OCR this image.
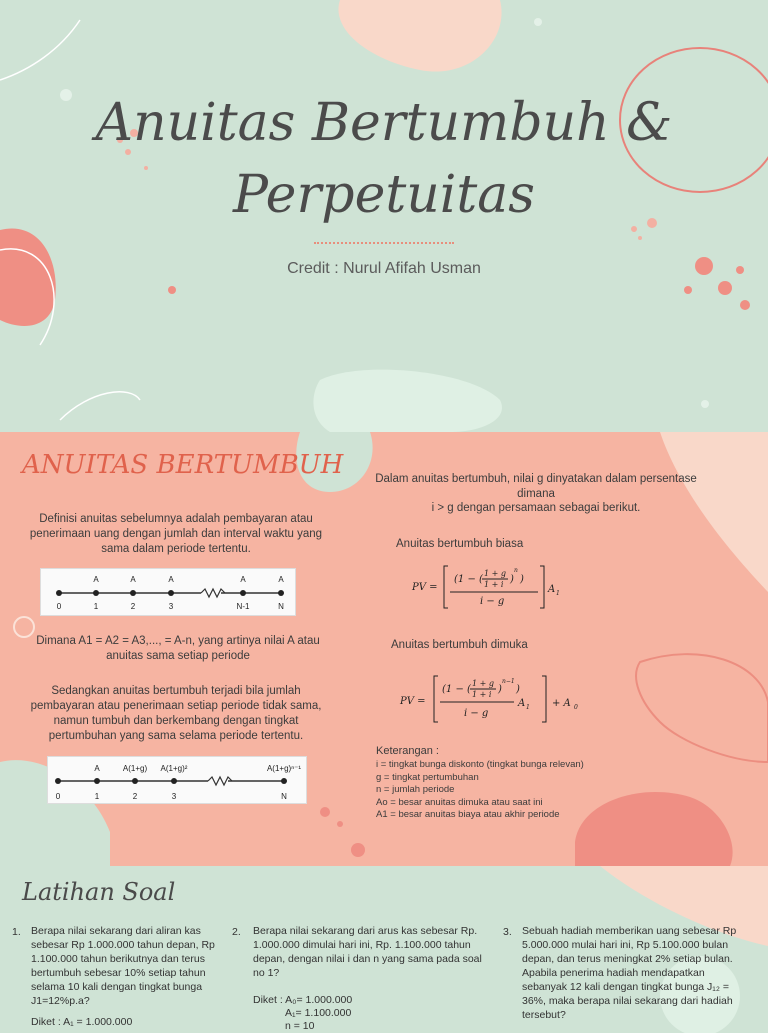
Anuitas Bertumbuh &
Perpetuitas
Credit : Nurul Afifah Usman
ANUITAS BERTUMBUH
Definisi anuitas sebelumnya adalah pembayaran atau penerimaan uang dengan jumlah dan interval waktu yang sama dalam periode tertentu.
A	A	A	A	A
0	1	2	3	N-1	N
Dimana A1 = A2 = A3,..., = A-n, yang artinya nilai A atau anuitas sama setiap periode
Sedangkan anuitas bertumbuh terjadi bila jumlah pembayaran atau penerimaan setiap periode tidak sama, namun tumbuh dan berkembang dengan tingkat pertumbuhan yang sama selama periode tertentu.
A	A(1+g) A(1+g)²	A(1+g)ⁿ⁻¹
0	1	2	3	N
Dalam anuitas bertumbuh, nilai g dinyatakan dalam persentase dimana
i > g dengan persamaan sebagai berikut.
Anuitas bertumbuh biasa
PV =
(1 − (
1 + g
1 + i )
n
)
i − g
A 1
Anuitas bertumbuh dimuka
PV =
(1 − (
1 + g
1 + i )
n−1
)
i − g
A 1 + A 0
Keterangan :
i = tingkat bunga diskonto (tingkat bunga relevan)
g = tingkat pertumbuhan
n = jumlah periode
Ao = besar anuitas dimuka atau saat ini
A1 = besar anuitas biaya atau akhir periode
Latihan Soal
1. Berapa nilai sekarang dari aliran kas sebesar Rp 1.000.000 tahun depan, Rp 1.100.000 tahun berikutnya dan terus bertumbuh sebesar 10% setiap tahun selama 10 kali dengan tingkat bunga J1=12%p.a?
Diket : A₁ = 1.000.000
2. Berapa nilai sekarang dari arus kas sebesar Rp. 1.000.000 dimulai hari ini, Rp. 1.100.000 tahun depan, dengan nilai i dan n yang sama pada soal no 1?
Diket : A₀= 1.000.000
A₁= 1.100.000
n = 10
3. Sebuah hadiah memberikan uang sebesar Rp 5.000.000 mulai hari ini, Rp 5.100.000 bulan depan, dan terus meningkat 2% setiap bulan. Apabila penerima hadiah mendapatkan sebanyak 12 kali dengan tingkat bunga J₁₂ = 36%, maka berapa nilai sekarang dari hadiah tersebut?
